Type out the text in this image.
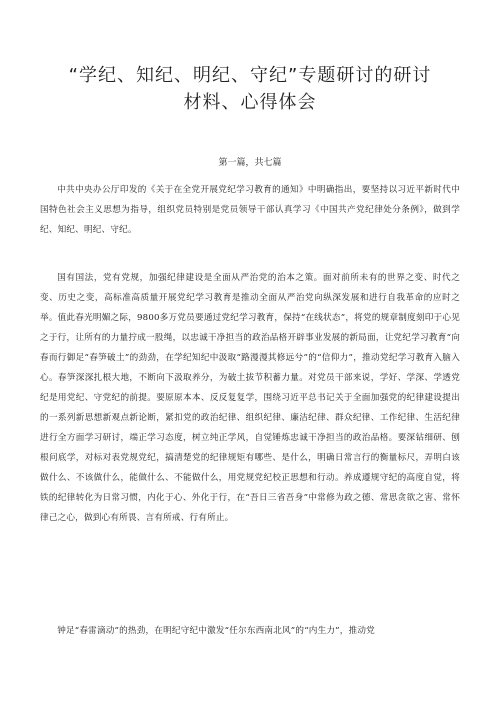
“学纪、知纪、明纪、守纪”专题研讨的研讨材料、心得体会
第一篇，共七篇

中共中央办公厅印发的《关于在全党开展党纪学习教育的通知》中明确指出，要坚持以习近平新时代中国特色社会主义思想为指导，组织党员特别是党员领导干部认真学习《中国共产党纪律处分条例》，做到学纪、知纪、明纪、守纪。

国有国法，党有党规，加强纪律建设是全面从严治党的治本之策。面对前所未有的世界之变、时代之变、历史之变，高标准高质量开展党纪学习教育是推动全面从严治党向纵深发展和进行自我革命的应时之举。值此春光明媚之际，9800多万党员要通过党纪学习教育，保持“在线状态”，将党的规章制度刻印于心见之于行，让所有的力量拧成一股绳，以忠诚干净担当的政治品格开辟事业发展的新局面，让党纪学习教育“向春而行御足“春笋破土”的劲劲，在学纪知纪中汲取“路漫漫其修远兮”的“信仰力”，推动党纪学习教育入脑入心。春笋深深扎根大地，不断向下汲取养分，为破土拔节积蓄力量。对党员干部来说，学好、学深、学透党纪是用党纪、守党纪的前提。要原原本本、反反复复学，围绕习近平总书记关于全面加强党的纪律建设提出的一系列新思想新观点新论断，紧扣党的政治纪律、组织纪律、廉洁纪律、群众纪律、工作纪律、生活纪律进行全方面学习研讨，端正学习态度，树立纯正学风，自觉锤炼忠诚干净担当的政治品格。要深钻细研、刨根问底学，对标对表党规党纪，搞清楚党的纪律规矩有哪些、是什么，明确日常言行的衡量标尺，弄明白该做什么、不该做什么，能做什么、不能做什么，用党规党纪校正思想和行动。养成遵规守纪的高度自觉，将铁的纪律转化为日常习惯，内化于心、外化于行，在“吾日三省吾身”中常修为政之德、常思贪欲之害、常怀律己之心，做到心有所畏、言有所戒、行有所止。

钟足“春雷滴动”的热劲，在明纪守纪中激发“任尔东西南北风”的“内生力”，推动党
